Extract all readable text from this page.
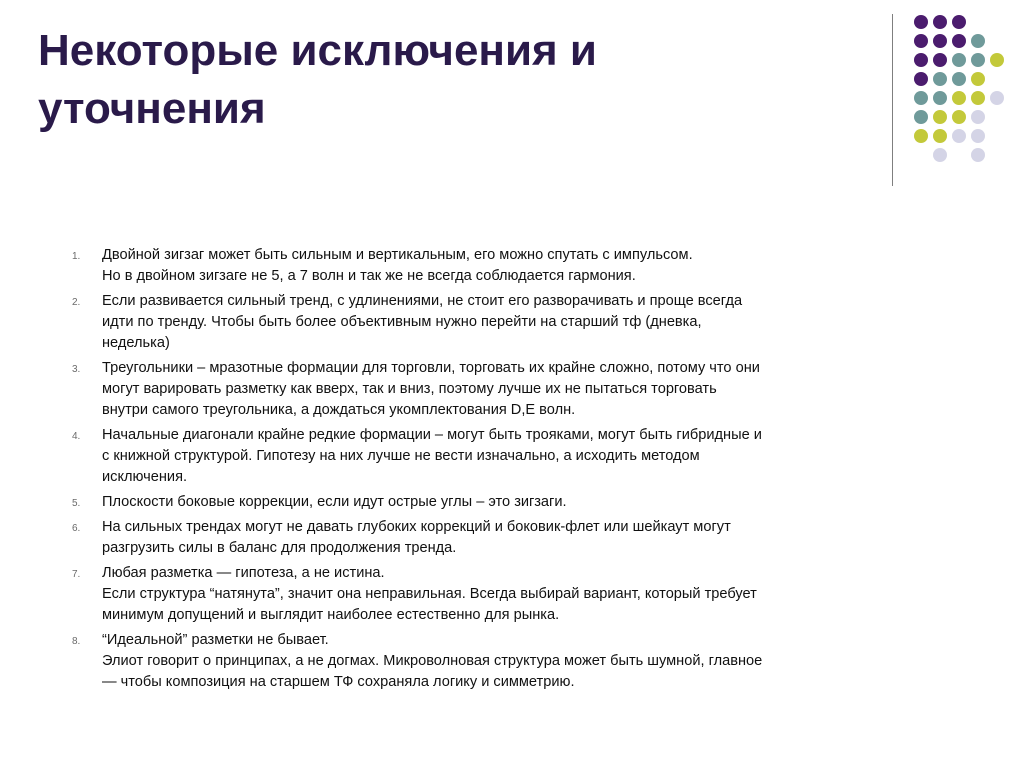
Некоторые исключения и
уточнения
1. Двойной зигзаг может быть сильным и вертикальным, его можно спутать с импульсом.
Но в двойном зигзаге не 5, а 7 волн и так же не всегда соблюдается гармония.
2. Если развивается сильный тренд, с удлинениями, не стоит его разворачивать и проще всегда
идти по тренду. Чтобы быть более объективным нужно перейти на старший тф (дневка,
неделька)
3. Треугольники – мразотные формации для торговли, торговать их крайне сложно, потому что они
могут варировать разметку как вверх, так и вниз, поэтому лучше их не пытаться торговать
внутри самого треугольника, а дождаться укомплектования D,E волн.
4. Начальные диагонали крайне редкие формации – могут быть трояками, могут быть гибридные и
с книжной структурой. Гипотезу на них лучше не вести изначально, а исходить методом
исключения.
5. Плоскости боковые коррекции, если идут острые углы – это зигзаги.
6. На сильных трендах могут не давать глубоких коррекций и боковик-флет или шейкаут могут
разгрузить силы в баланс для продолжения тренда.
7. Любая разметка — гипотеза, а не истина.
Если структура “натянута”, значит она неправильная. Всегда выбирай вариант, который требует
минимум допущений и выглядит наиболее естественно для рынка.
8. “Идеальной” разметки не бывает.
Элиот говорит о принципах, а не догмах. Микроволновая структура может быть шумной, главное
— чтобы композиция на старшем ТФ сохраняла логику и симметрию.
